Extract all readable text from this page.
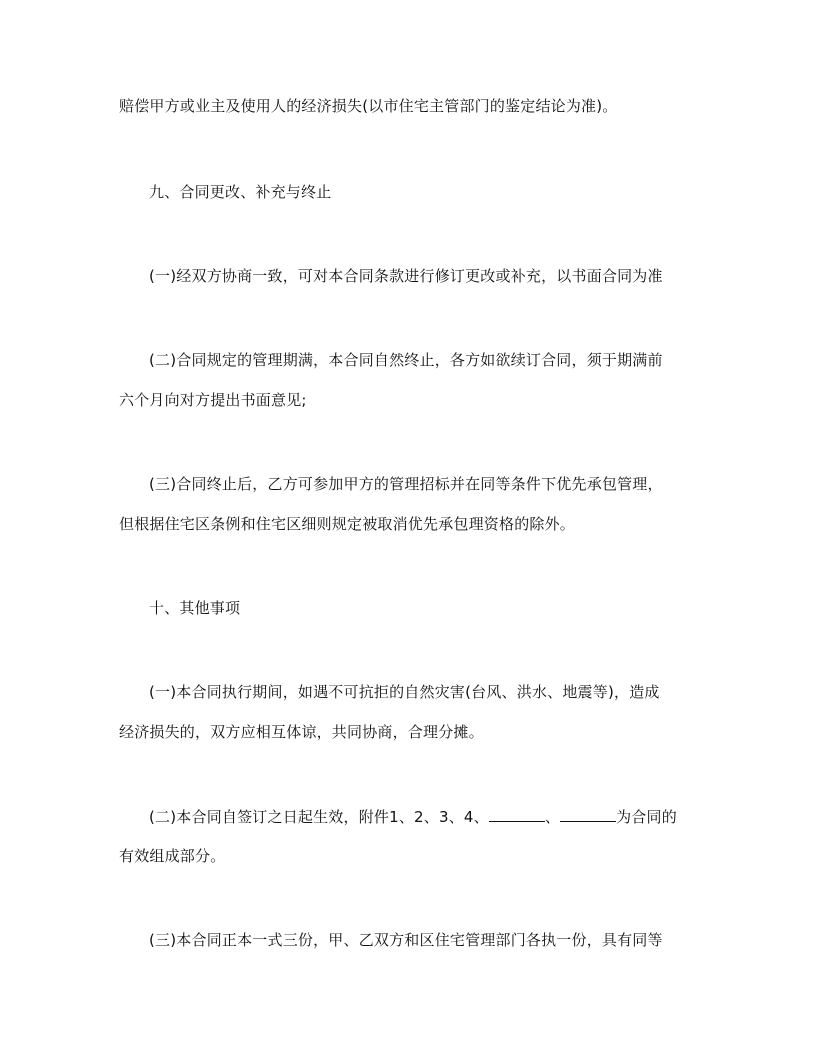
赔偿甲方或业主及使用人的经济损失(以市住宅主管部门的鉴定结论为准)。
九、合同更改、补充与终止
(一)经双方协商一致，可对本合同条款进行修订更改或补充，以书面合同为准
(二)合同规定的管理期满，本合同自然终止，各方如欲续订合同，须于期满前
六个月向对方提出书面意见;
(三)合同终止后，乙方可参加甲方的管理招标并在同等条件下优先承包管理，
但根据住宅区条例和住宅区细则规定被取消优先承包理资格的除外。
十、其他事项
(一)本合同执行期间，如遇不可抗拒的自然灾害(台风、洪水、地震等)，造成
经济损失的，双方应相互体谅，共同协商，合理分摊。
(二)本合同自签订之日起生效，附件1、2、3、4、	、	为合同的
有效组成部分。
(三)本合同正本一式三份，甲、乙双方和区住宅管理部门各执一份，具有同等
